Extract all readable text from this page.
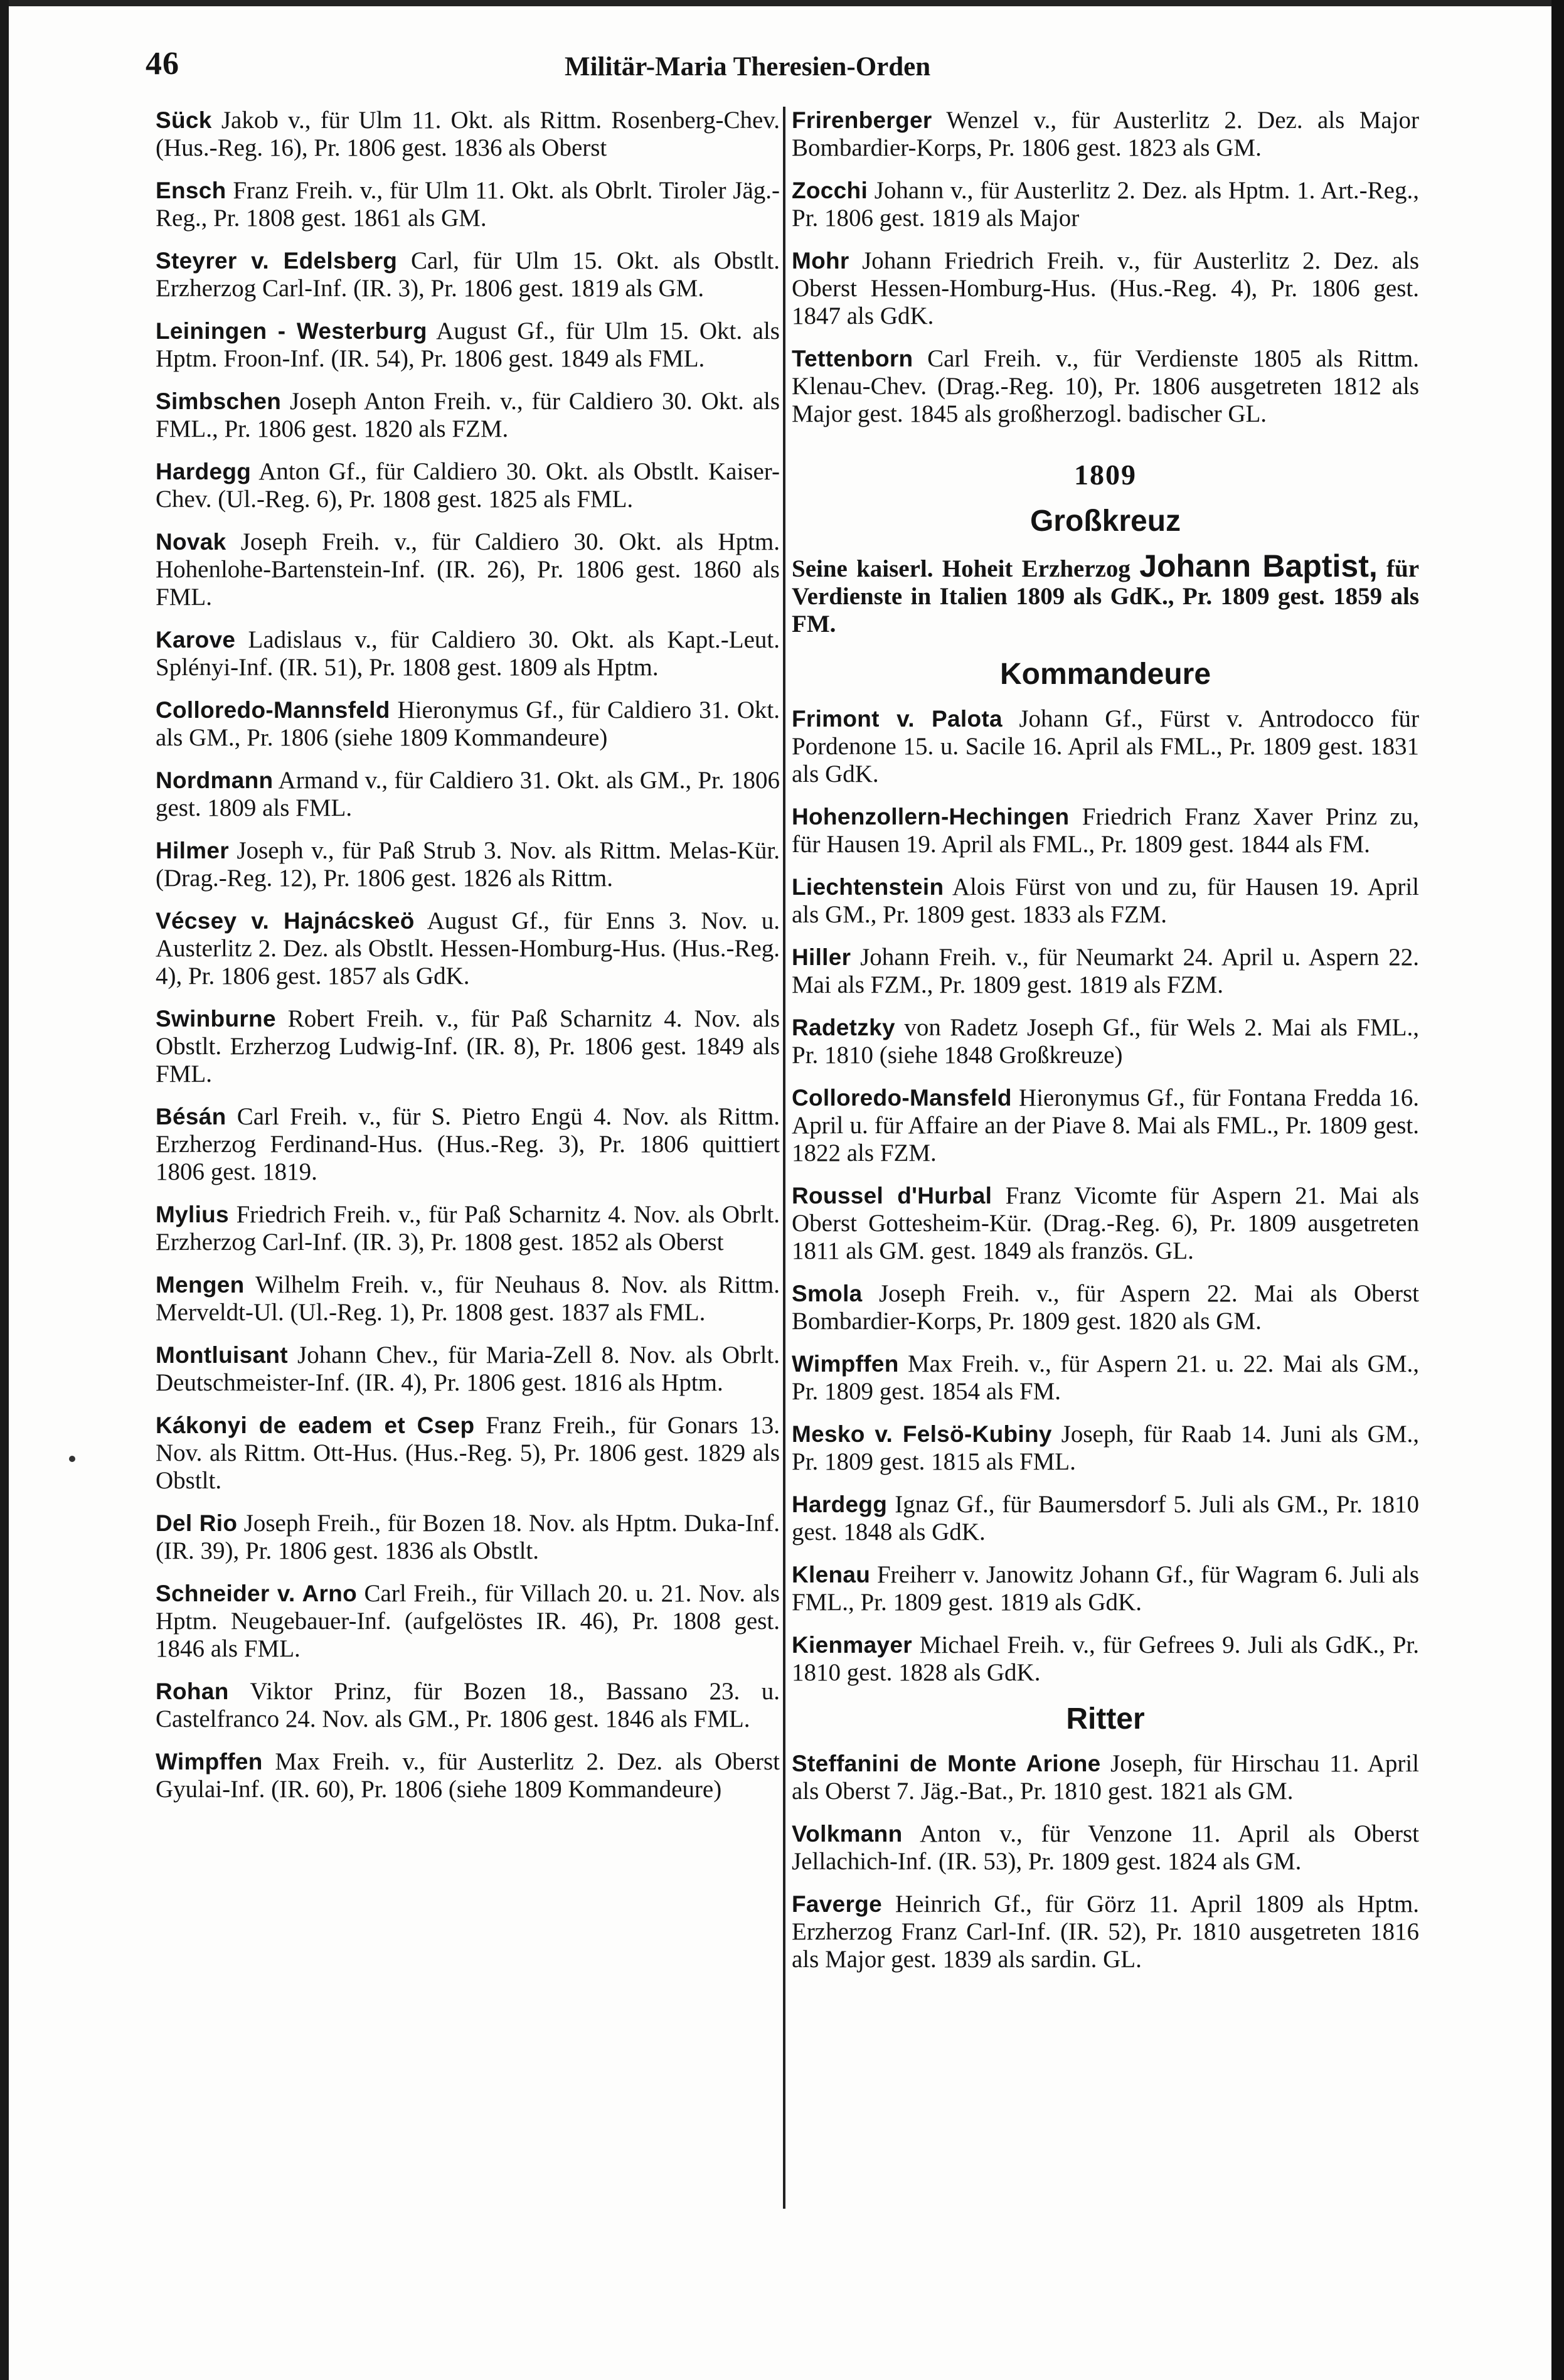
46	Militär-Maria Theresien-Orden
Sück Jakob v., für Ulm 11. Okt. als Rittm. Rosenberg-Chev. (Hus.-Reg. 16), Pr. 1806 gest. 1836 als Oberst
Ensch Franz Freih. v., für Ulm 11. Okt. als Obrlt. Tiroler Jäg.-Reg., Pr. 1808 gest. 1861 als GM.
Steyrer v. Edelsberg Carl, für Ulm 15. Okt. als Obstlt. Erzherzog Carl-Inf. (IR. 3), Pr. 1806 gest. 1819 als GM.
Leiningen - Westerburg August Gf., für Ulm 15. Okt. als Hptm. Froon-Inf. (IR. 54), Pr. 1806 gest. 1849 als FML.
Simbschen Joseph Anton Freih. v., für Caldiero 30. Okt. als FML., Pr. 1806 gest. 1820 als FZM.
Hardegg Anton Gf., für Caldiero 30. Okt. als Obstlt. Kaiser-Chev. (Ul.-Reg. 6), Pr. 1808 gest. 1825 als FML.
Novak Joseph Freih. v., für Caldiero 30. Okt. als Hptm. Hohenlohe-Bartenstein-Inf. (IR. 26), Pr. 1806 gest. 1860 als FML.
Karove Ladislaus v., für Caldiero 30. Okt. als Kapt.-Leut. Splényi-Inf. (IR. 51), Pr. 1808 gest. 1809 als Hptm.
Colloredo-Mannsfeld Hieronymus Gf., für Caldiero 31. Okt. als GM., Pr. 1806 (siehe 1809 Kommandeure)
Nordmann Armand v., für Caldiero 31. Okt. als GM., Pr. 1806 gest. 1809 als FML.
Hilmer Joseph v., für Paß Strub 3. Nov. als Rittm. Melas-Kür. (Drag.-Reg. 12), Pr. 1806 gest. 1826 als Rittm.
Vécsey v. Hajnácskeö August Gf., für Enns 3. Nov. u. Austerlitz 2. Dez. als Obstlt. Hessen-Homburg-Hus. (Hus.-Reg. 4), Pr. 1806 gest. 1857 als GdK.
Swinburne Robert Freih. v., für Paß Scharnitz 4. Nov. als Obstlt. Erzherzog Ludwig-Inf. (IR. 8), Pr. 1806 gest. 1849 als FML.
Bésán Carl Freih. v., für S. Pietro Engü 4. Nov. als Rittm. Erzherzog Ferdinand-Hus. (Hus.-Reg. 3), Pr. 1806 quittiert 1806 gest. 1819.
Mylius Friedrich Freih. v., für Paß Scharnitz 4. Nov. als Obrlt. Erzherzog Carl-Inf. (IR. 3), Pr. 1808 gest. 1852 als Oberst
Mengen Wilhelm Freih. v., für Neuhaus 8. Nov. als Rittm. Merveldt-Ul. (Ul.-Reg. 1), Pr. 1808 gest. 1837 als FML.
Montluisant Johann Chev., für Maria-Zell 8. Nov. als Obrlt. Deutschmeister-Inf. (IR. 4), Pr. 1806 gest. 1816 als Hptm.
Kákonyi de eadem et Csep Franz Freih., für Gonars 13. Nov. als Rittm. Ott-Hus. (Hus.-Reg. 5), Pr. 1806 gest. 1829 als Obstlt.
Del Rio Joseph Freih., für Bozen 18. Nov. als Hptm. Duka-Inf. (IR. 39), Pr. 1806 gest. 1836 als Obstlt.
Schneider v. Arno Carl Freih., für Villach 20. u. 21. Nov. als Hptm. Neugebauer-Inf. (aufgelöstes IR. 46), Pr. 1808 gest. 1846 als FML.
Rohan Viktor Prinz, für Bozen 18., Bassano 23. u. Castelfranco 24. Nov. als GM., Pr. 1806 gest. 1846 als FML.
Wimpffen Max Freih. v., für Austerlitz 2. Dez. als Oberst Gyulai-Inf. (IR. 60), Pr. 1806 (siehe 1809 Kommandeure)
Frirenberger Wenzel v., für Austerlitz 2. Dez. als Major Bombardier-Korps, Pr. 1806 gest. 1823 als GM.
Zocchi Johann v., für Austerlitz 2. Dez. als Hptm. 1. Art.-Reg., Pr. 1806 gest. 1819 als Major
Mohr Johann Friedrich Freih. v., für Austerlitz 2. Dez. als Oberst Hessen-Homburg-Hus. (Hus.-Reg. 4), Pr. 1806 gest. 1847 als GdK.
Tettenborn Carl Freih. v., für Verdienste 1805 als Rittm. Klenau-Chev. (Drag.-Reg. 10), Pr. 1806 ausgetreten 1812 als Major gest. 1845 als großherzogl. badischer GL.
1809
Großkreuz
Seine kaiserl. Hoheit Erzherzog Johann Baptist, für Verdienste in Italien 1809 als GdK., Pr. 1809 gest. 1859 als FM.
Kommandeure
Frimont v. Palota Johann Gf., Fürst v. Antrodocco für Pordenone 15. u. Sacile 16. April als FML., Pr. 1809 gest. 1831 als GdK.
Hohenzollern-Hechingen Friedrich Franz Xaver Prinz zu, für Hausen 19. April als FML., Pr. 1809 gest. 1844 als FM.
Liechtenstein Alois Fürst von und zu, für Hausen 19. April als GM., Pr. 1809 gest. 1833 als FZM.
Hiller Johann Freih. v., für Neumarkt 24. April u. Aspern 22. Mai als FZM., Pr. 1809 gest. 1819 als FZM.
Radetzky von Radetz Joseph Gf., für Wels 2. Mai als FML., Pr. 1810 (siehe 1848 Großkreuze)
Colloredo-Mansfeld Hieronymus Gf., für Fontana Fredda 16. April u. für Affaire an der Piave 8. Mai als FML., Pr. 1809 gest. 1822 als FZM.
Roussel d'Hurbal Franz Vicomte für Aspern 21. Mai als Oberst Gottesheim-Kür. (Drag.-Reg. 6), Pr. 1809 ausgetreten 1811 als GM. gest. 1849 als französ. GL.
Smola Joseph Freih. v., für Aspern 22. Mai als Oberst Bombardier-Korps, Pr. 1809 gest. 1820 als GM.
Wimpffen Max Freih. v., für Aspern 21. u. 22. Mai als GM., Pr. 1809 gest. 1854 als FM.
Mesko v. Felsö-Kubiny Joseph, für Raab 14. Juni als GM., Pr. 1809 gest. 1815 als FML.
Hardegg Ignaz Gf., für Baumersdorf 5. Juli als GM., Pr. 1810 gest. 1848 als GdK.
Klenau Freiherr v. Janowitz Johann Gf., für Wagram 6. Juli als FML., Pr. 1809 gest. 1819 als GdK.
Kienmayer Michael Freih. v., für Gefrees 9. Juli als GdK., Pr. 1810 gest. 1828 als GdK.
Ritter
Steffanini de Monte Arione Joseph, für Hirschau 11. April als Oberst 7. Jäg.-Bat., Pr. 1810 gest. 1821 als GM.
Volkmann Anton v., für Venzone 11. April als Oberst Jellachich-Inf. (IR. 53), Pr. 1809 gest. 1824 als GM.
Faverge Heinrich Gf., für Görz 11. April 1809 als Hptm. Erzherzog Franz Carl-Inf. (IR. 52), Pr. 1810 ausgetreten 1816 als Major gest. 1839 als sardin. GL.
